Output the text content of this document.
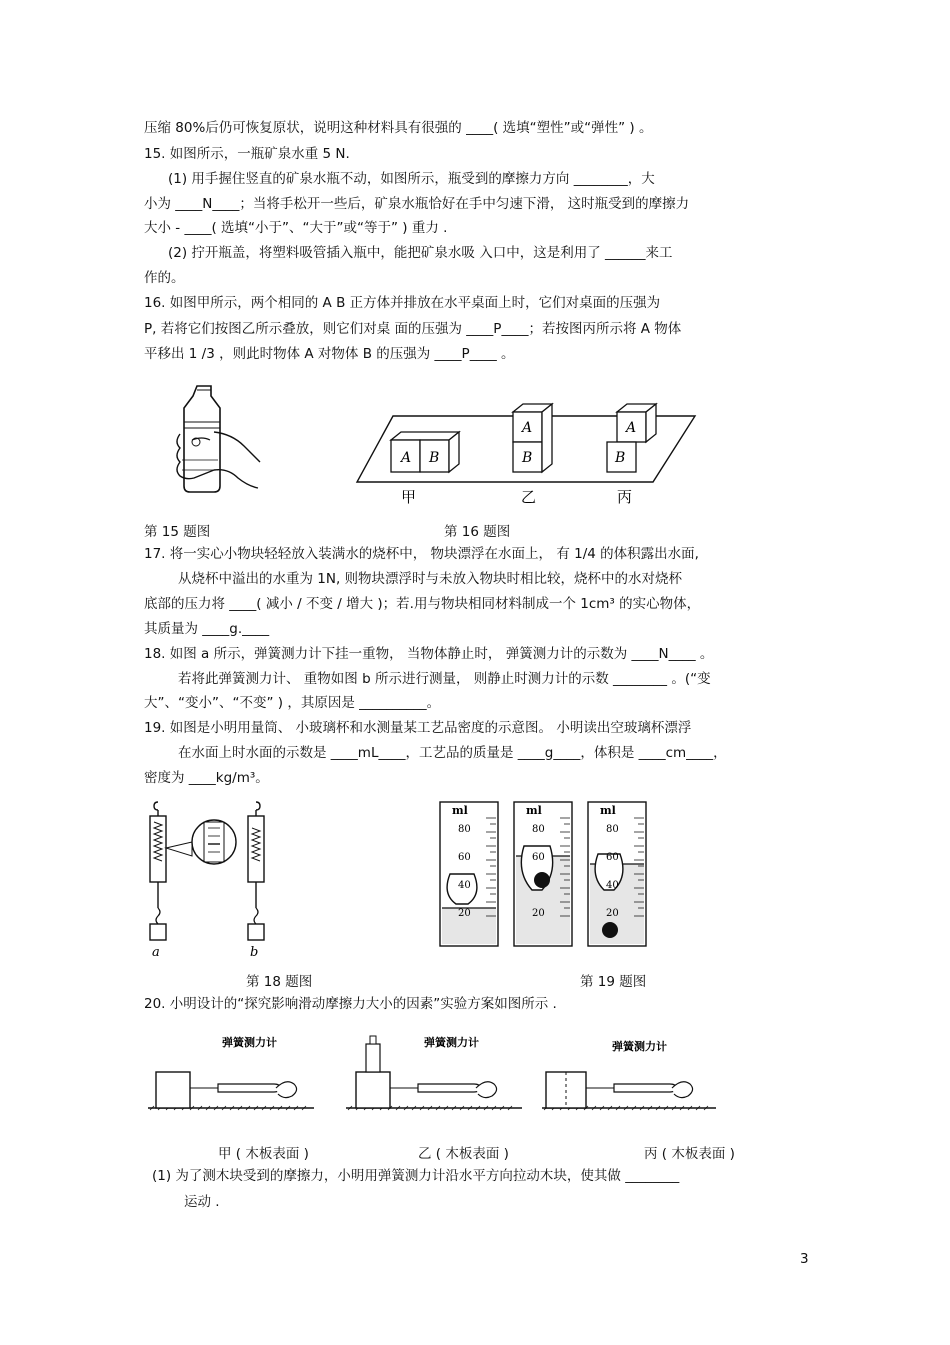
压缩 80%后仍可恢复原状，说明这种材料具有很强的 ____( 选填“塑性”或“弹性” ) 。
15. 如图所示，一瓶矿泉水重 5 N.
(1) 用手握住竖直的矿泉水瓶不动，如图所示，瓶受到的摩擦力方向 ________，大
小为 ____N____；当将手松开一些后，矿泉水瓶恰好在手中匀速下滑， 这时瓶受到的摩擦力
大小 - ____( 选填“小于”、“大于”或“等于” ) 重力 .
(2) 拧开瓶盖，将塑料吸管插入瓶中，能把矿泉水吸 入口中，这是利用了 ______来工
作的。
16. 如图甲所示，两个相同的 A B 正方体并排放在水平桌面上时，它们对桌面的压强为
P, 若将它们按图乙所示叠放，则它们对桌 面的压强为 ____P____；若按图丙所示将 A 物体
平移出 1 /3 ，则此时物体 A 对物体 B 的压强为 ____P____ 。
A B
A
B
A
B
甲	乙	丙
第 15 题图	第 16 题图
17. 将一实心小物块轻轻放入装满水的烧杯中， 物块漂浮在水面上， 有 1/4 的体积露出水面,
从烧杯中溢出的水重为 1N, 则物块漂浮时与未放入物块时相比较，烧杯中的水对烧杯
底部的压力将 ____( 减小 / 不变 / 增大 )；若.用与物块相同材料制成一个 1cm³ 的实心物体，
其质量为 ____g.____
18. 如图 a 所示，弹簧测力计下挂一重物， 当物体静止时， 弹簧测力计的示数为 ____N____ 。
若将此弹簧测力计、 重物如图 b 所示进行测量， 则静止时测力计的示数 ________ 。(“变
大”、“变小”、“不变” ) ，其原因是 __________。
19. 如图是小明用量筒、 小玻璃杯和水测量某工艺品密度的示意图。 小明读出空玻璃杯漂浮
在水面上时水面的示数是 ____mL____，工艺品的质量是 ____g____，体积是 ____cm____，
密度为 ____kg/m³。
a	b
ml
80
60
40
20
ml
80
60
20
ml
80
60
40
20
第 18 题图	第 19 题图
20. 小明设计的“探究影响滑动摩擦力大小的因素”实验方案如图所示 .
弹簧测力计	弹簧测力计	弹簧测力计
甲 ( 木板表面 )	乙 ( 木板表面 )	丙 ( 木板表面 )
(1) 为了测木块受到的摩擦力，小明用弹簧测力计沿水平方向拉动木块，使其做 ________
运动 .
3
